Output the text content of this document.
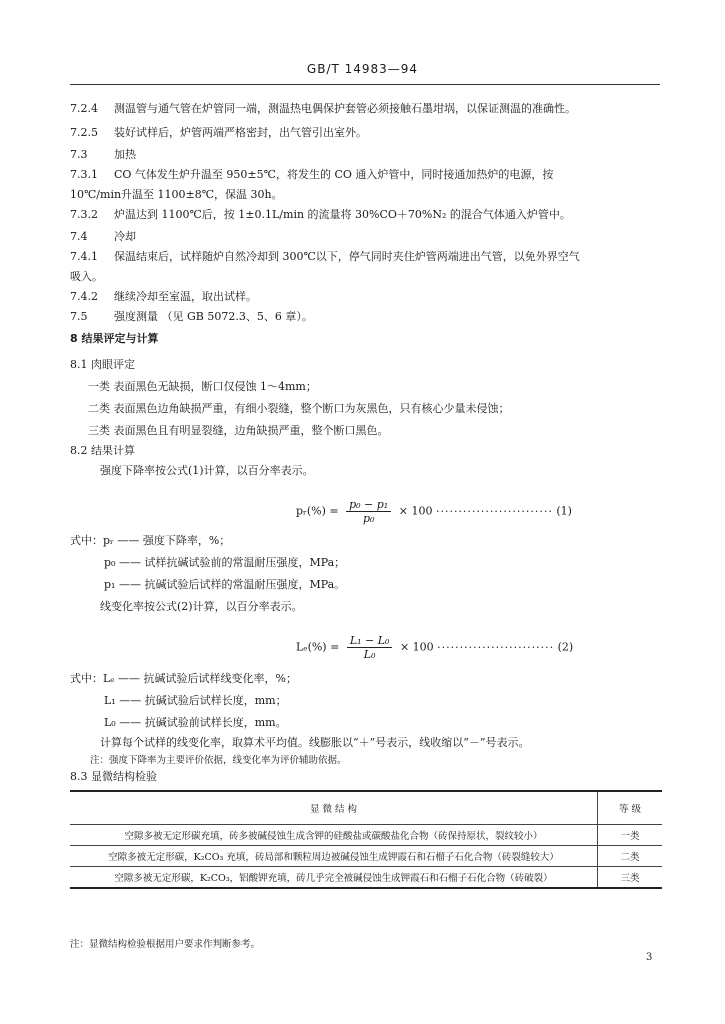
GB/T 14983—94
7.2.4 测温管与通气管在炉管同一端，测温热电偶保护套管必须接触石墨坩埚，以保证测温的准确性。
7.2.5 装好试样后，炉管两端严格密封，出气管引出室外。
7.3 加热
7.3.1 CO 气体发生炉升温至 950±5℃，将发生的 CO 通入炉管中，同时接通加热炉的电源，按
10℃/min升温至 1100±8℃，保温 30h。
7.3.2 炉温达到 1100℃后，按 1±0.1L/min 的流量将 30%CO＋70%N₂ 的混合气体通入炉管中。
7.4 冷却
7.4.1 保温结束后，试样随炉自然冷却到 300℃以下，停气同时夹住炉管两端进出气管，以免外界空气
吸入。
7.4.2 继续冷却至室温，取出试样。
7.5 强度测量 （见 GB 5072.3、5、6 章）。
8 结果评定与计算
8.1 肉眼评定
一类 表面黑色无缺损，断口仅侵蚀 1～4mm；
二类 表面黑色边角缺损严重，有细小裂缝，整个断口为灰黑色，只有核心少量未侵蚀；
三类 表面黑色且有明显裂缝，边角缺损严重，整个断口黑色。
8.2 结果计算
强度下降率按公式(1)计算，以百分率表示。
pᵣ(%) = $\frac{\text{p₀ − p₁}}{\text{p₀}} \times 100$ ·························· (1)
式中：pᵣ —— 强度下降率，%；
p₀ —— 试样抗碱试验前的常温耐压强度，MPa；
p₁ —— 抗碱试验后试样的常温耐压强度，MPa。
线变化率按公式(2)计算，以百分率表示。
$L_e(\%) = \frac{\text{L₁ − L₀}}{\text{L₀}} \times 100$ ·························· (2)
式中：Lₑ —— 抗碱试验后试样线变化率，%；
L₁ —— 抗碱试验后试样长度，mm；
L₀ —— 抗碱试验前试样长度，mm。
计算每个试样的线变化率，取算术平均值。线膨胀以“＋”号表示，线收缩以“－”号表示。
注：强度下降率为主要评价依据，线变化率为评价辅助依据。
8.3 显微结构检验
显 微 结 构	等 级
空隙多被无定形碳充填，砖多被碱侵蚀生成含钾的硅酸盐或碳酸盐化合物（砖保持原状，裂纹较小）	一类
空隙多被无定形碳，K₂CO₃ 充填，砖局部和颗粒周边被碱侵蚀生成钾霞石和石榴子石化合物（砖裂缝较大）	二类
空隙多被无定形碳，K₂CO₃，铝酸钾充填，砖几乎完全被碱侵蚀生成钾霞石和石榴子石化合物（砖破裂）	三类
注：显微结构检验根据用户要求作判断参考。
3
